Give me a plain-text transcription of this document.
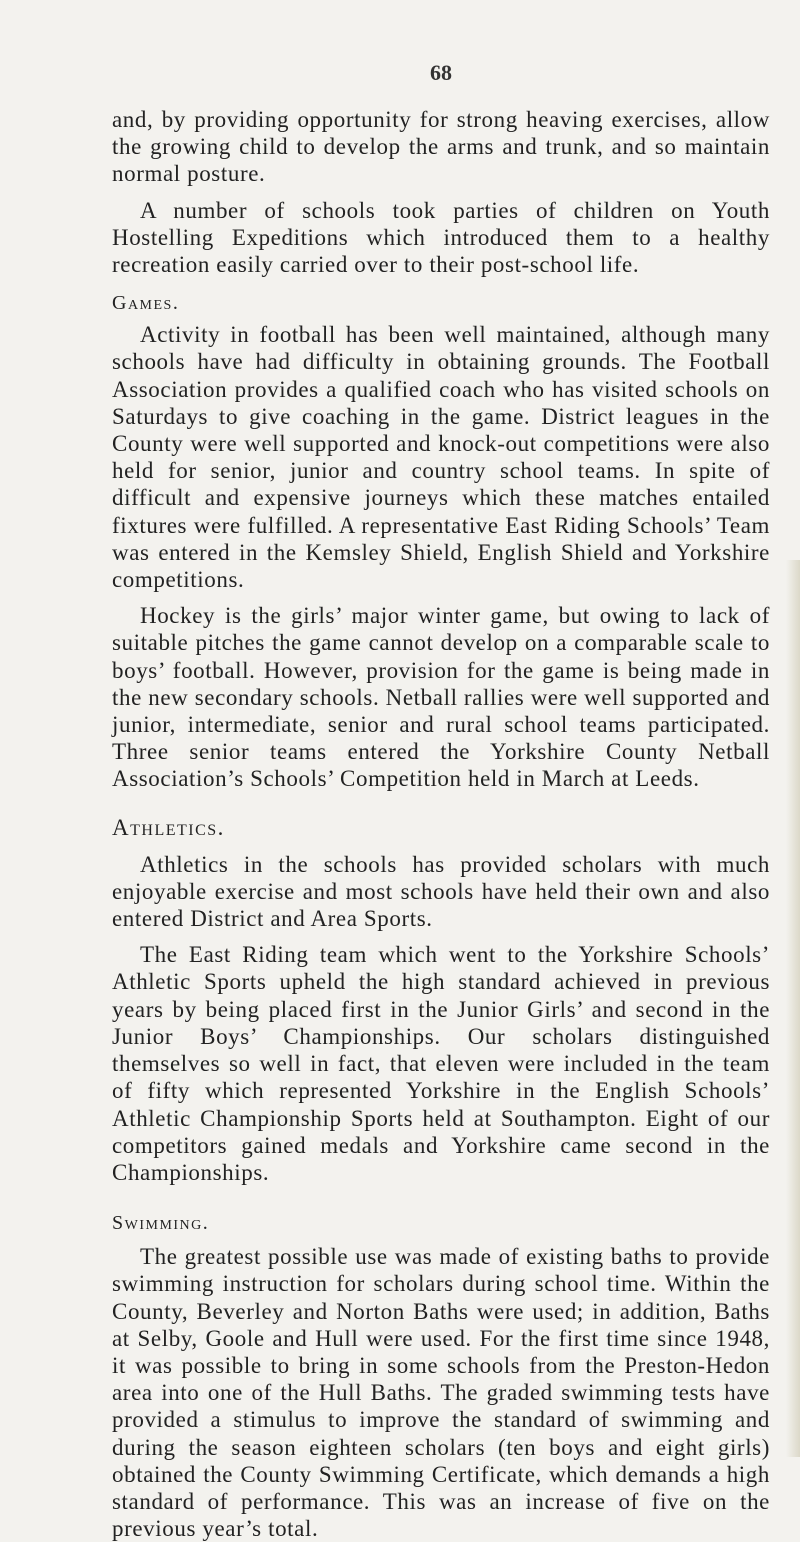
68

and, by providing opportunity for strong heaving exercises, allow the growing child to develop the arms and trunk, and so maintain normal posture.

A number of schools took parties of children on Youth Hostelling Expeditions which introduced them to a healthy recreation easily carried over to their post-school life.

Games.

Activity in football has been well maintained, although many schools have had difficulty in obtaining grounds. The Football Association provides a qualified coach who has visited schools on Saturdays to give coaching in the game. District leagues in the County were well supported and knock-out competitions were also held for senior, junior and country school teams. In spite of difficult and expensive journeys which these matches entailed fixtures were fulfilled. A representative East Riding Schools’ Team was entered in the Kemsley Shield, English Shield and Yorkshire competitions.

Hockey is the girls’ major winter game, but owing to lack of suitable pitches the game cannot develop on a comparable scale to boys’ football. However, provision for the game is being made in the new secondary schools. Netball rallies were well supported and junior, intermediate, senior and rural school teams participated. Three senior teams entered the Yorkshire County Netball Association’s Schools’ Competition held in March at Leeds.

Athletics.

Athletics in the schools has provided scholars with much enjoyable exercise and most schools have held their own and also entered District and Area Sports.

The East Riding team which went to the Yorkshire Schools’ Athletic Sports upheld the high standard achieved in previous years by being placed first in the Junior Girls’ and second in the Junior Boys’ Championships. Our scholars distinguished themselves so well in fact, that eleven were included in the team of fifty which represented Yorkshire in the English Schools’ Athletic Championship Sports held at Southampton. Eight of our competitors gained medals and Yorkshire came second in the Championships.

Swimming.

The greatest possible use was made of existing baths to provide swimming instruction for scholars during school time. Within the County, Beverley and Norton Baths were used; in addition, Baths at Selby, Goole and Hull were used. For the first time since 1948, it was possible to bring in some schools from the Preston-Hedon area into one of the Hull Baths. The graded swimming tests have provided a stimulus to improve the standard of swimming and during the season eighteen scholars (ten boys and eight girls) obtained the County Swimming Certificate, which demands a high standard of performance. This was an increase of five on the previous year’s total.
